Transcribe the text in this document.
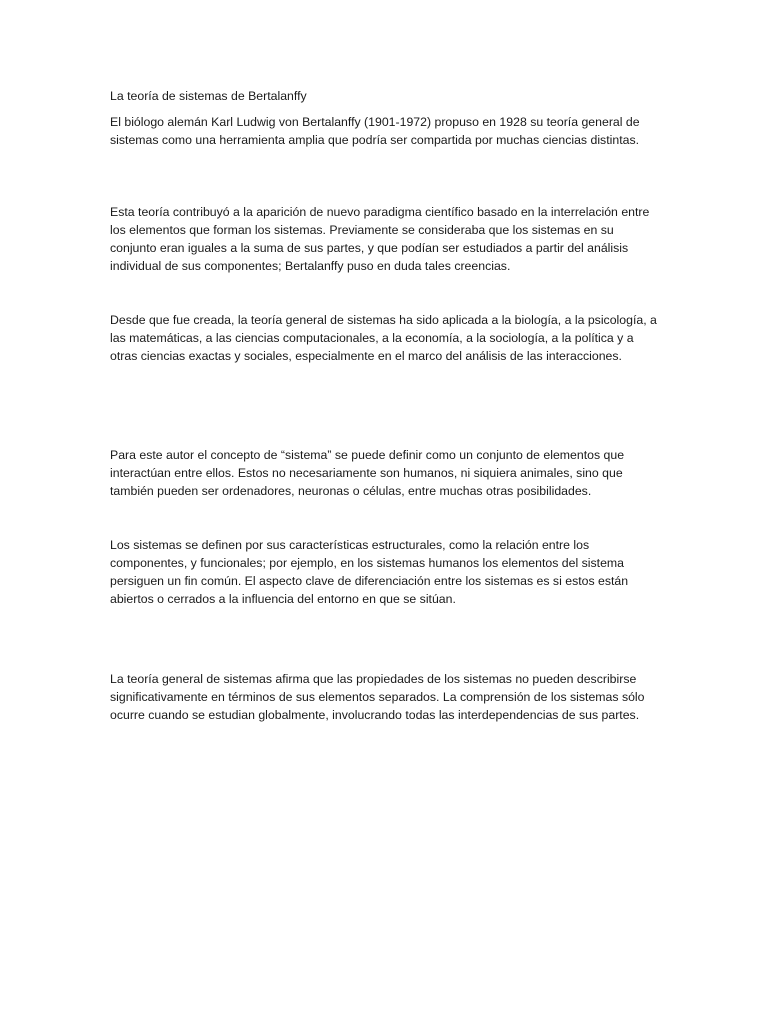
La teoría de sistemas de Bertalanffy

El biólogo alemán Karl Ludwig von Bertalanffy (1901-1972) propuso en 1928 su teoría general de sistemas como una herramienta amplia que podría ser compartida por muchas ciencias distintas.

Esta teoría contribuyó a la aparición de nuevo paradigma científico basado en la interrelación entre los elementos que forman los sistemas. Previamente se consideraba que los sistemas en su conjunto eran iguales a la suma de sus partes, y que podían ser estudiados a partir del análisis individual de sus componentes; Bertalanffy puso en duda tales creencias.

Desde que fue creada, la teoría general de sistemas ha sido aplicada a la biología, a la psicología, a las matemáticas, a las ciencias computacionales, a la economía, a la sociología, a la política y a otras ciencias exactas y sociales, especialmente en el marco del análisis de las interacciones.

Para este autor el concepto de “sistema” se puede definir como un conjunto de elementos que interactúan entre ellos. Estos no necesariamente son humanos, ni siquiera animales, sino que también pueden ser ordenadores, neuronas o células, entre muchas otras posibilidades.

Los sistemas se definen por sus características estructurales, como la relación entre los componentes, y funcionales; por ejemplo, en los sistemas humanos los elementos del sistema persiguen un fin común. El aspecto clave de diferenciación entre los sistemas es si estos están abiertos o cerrados a la influencia del entorno en que se sitúan.

La teoría general de sistemas afirma que las propiedades de los sistemas no pueden describirse significativamente en términos de sus elementos separados. La comprensión de los sistemas sólo ocurre cuando se estudian globalmente, involucrando todas las interdependencias de sus partes.
